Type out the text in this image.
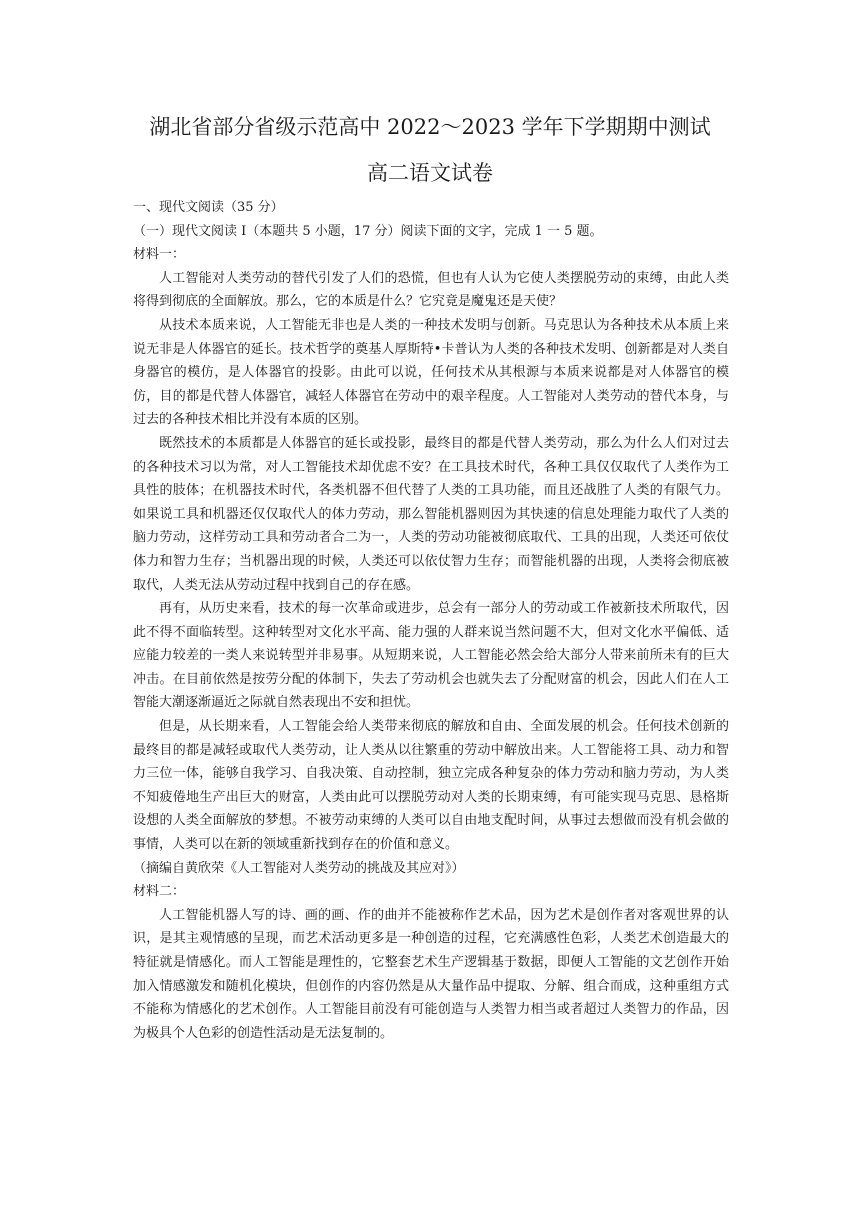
湖北省部分省级示范高中 2022～2023 学年下学期期中测试
高二语文试卷

一、现代文阅读（35 分）

（一）现代文阅读 I（本题共 5 小题，17 分）阅读下面的文字，完成 1 一 5 题。

材料一：

人工智能对人类劳动的替代引发了人们的恐慌，但也有人认为它使人类摆脱劳动的束缚，由此人类将得到彻底的全面解放。那么，它的本质是什么？它究竟是魔鬼还是天使？

从技术本质来说，人工智能无非也是人类的一种技术发明与创新。马克思认为各种技术从本质上来说无非是人体器官的延长。技术哲学的奠基人厚斯特•卡普认为人类的各种技术发明、创新都是对人类自身器官的模仿，是人体器官的投影。由此可以说，任何技术从其根源与本质来说都是对人体器官的模仿，目的都是代替人体器官，减轻人体器官在劳动中的艰辛程度。人工智能对人类劳动的替代本身，与过去的各种技术相比并没有本质的区别。

既然技术的本质都是人体器官的延长或投影，最终目的都是代替人类劳动，那么为什么人们对过去的各种技术习以为常，对人工智能技术却优虑不安？在工具技术时代，各种工具仅仅取代了人类作为工具性的肢体；在机器技术时代，各类机器不但代替了人类的工具功能，而且还战胜了人类的有限气力。如果说工具和机器还仅仅取代人的体力劳动，那么智能机器则因为其快速的信息处理能力取代了人类的脑力劳动，这样劳动工具和劳动者合二为一，人类的劳动功能被彻底取代、工具的出现，人类还可依仗体力和智力生存；当机器出现的时候，人类还可以依仗智力生存；而智能机器的出现，人类将会彻底被取代，人类无法从劳动过程中找到自己的存在感。

再有，从历史来看，技术的每一次革命或进步，总会有一部分人的劳动或工作被新技术所取代，因此不得不面临转型。这种转型对文化水平高、能力强的人群来说当然问题不大，但对文化水平偏低、适应能力较差的一类人来说转型并非易事。从短期来说，人工智能必然会给大部分人带来前所未有的巨大冲击。在目前依然是按劳分配的体制下，失去了劳动机会也就失去了分配财富的机会，因此人们在人工智能大潮逐渐逼近之际就自然表现出不安和担忧。

但是，从长期来看，人工智能会给人类带来彻底的解放和自由、全面发展的机会。任何技术创新的最终目的都是减轻或取代人类劳动，让人类从以往繁重的劳动中解放出来。人工智能将工具、动力和智力三位一体，能够自我学习、自我决策、自动控制，独立完成各种复杂的体力劳动和脑力劳动，为人类不知疲倦地生产出巨大的财富，人类由此可以摆脱劳动对人类的长期束缚，有可能实现马克思、恳格斯设想的人类全面解放的梦想。不被劳动束缚的人类可以自由地支配时间，从事过去想做而没有机会做的事情，人类可以在新的领域重新找到存在的价值和意义。

（摘编自黄欣荣《人工智能对人类劳动的挑战及其应对》）

材料二：

人工智能机器人写的诗、画的画、作的曲并不能被称作艺术品，因为艺术是创作者对客观世界的认识，是其主观情感的呈现，而艺术活动更多是一种创造的过程，它充满感性色彩，人类艺术创造最大的特征就是情感化。而人工智能是理性的，它整套艺术生产逻辑基于数据，即便人工智能的文艺创作开始加入情感激发和随机化模块，但创作的内容仍然是从大量作品中提取、分解、组合而成，这种重组方式不能称为情感化的艺术创作。人工智能目前没有可能创造与人类智力相当或者超过人类智力的作品，因为极具个人色彩的创造性活动是无法复制的。
